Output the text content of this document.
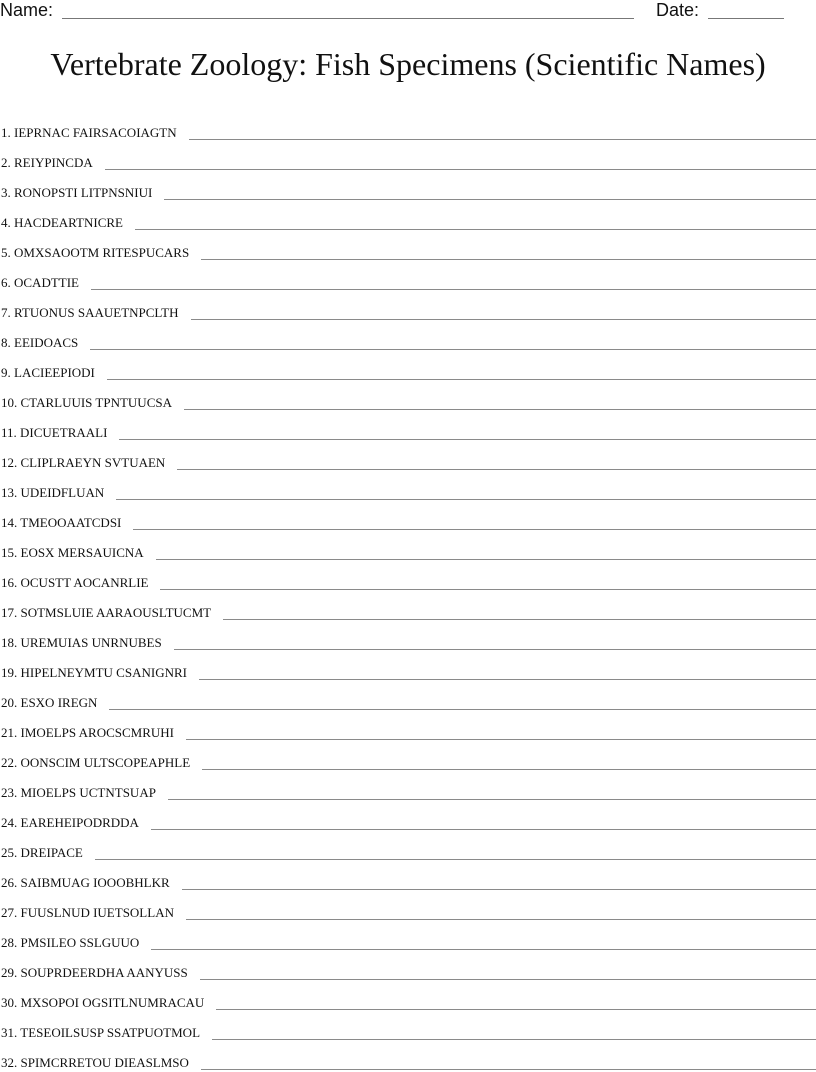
Name:	Date:
Vertebrate Zoology: Fish Specimens (Scientific Names)
1. IEPRNAC FAIRSACOIAGTN
2. REIYPINCDA
3. RONOPSTI LITPNSNIUI
4. HACDEARTNICRE
5. OMXSAOOTM RITESPUCARS
6. OCADTTIE
7. RTUONUS SAAUETNPCLTH
8. EEIDOACS
9. LACIEEPIODI
10. CTARLUUIS TPNTUUCSA
11. DICUETRAALI
12. CLIPLRAEYN SVTUAEN
13. UDEIDFLUAN
14. TMEOOAATCDSI
15. EOSX MERSAUICNA
16. OCUSTT AOCANRLIE
17. SOTMSLUIE AARAOUSLTUCMT
18. UREMUIAS UNRNUBES
19. HIPELNEYMTU CSANIGNRI
20. ESXO IREGN
21. IMOELPS AROCSCMRUHI
22. OONSCIM ULTSCOPEAPHLE
23. MIOELPS UCTNTSUAP
24. EAREHEIPODRDDA
25. DREIPACE
26. SAIBMUAG IOOOBHLKR
27. FUUSLNUD IUETSOLLAN
28. PMSILEO SSLGUUO
29. SOUPRDEERDHA AANYUSS
30. MXSOPOI OGSITLNUMRACAU
31. TESEOILSUSP SSATPUOTMOL
32. SPIMCRRETOU DIEASLMSO
